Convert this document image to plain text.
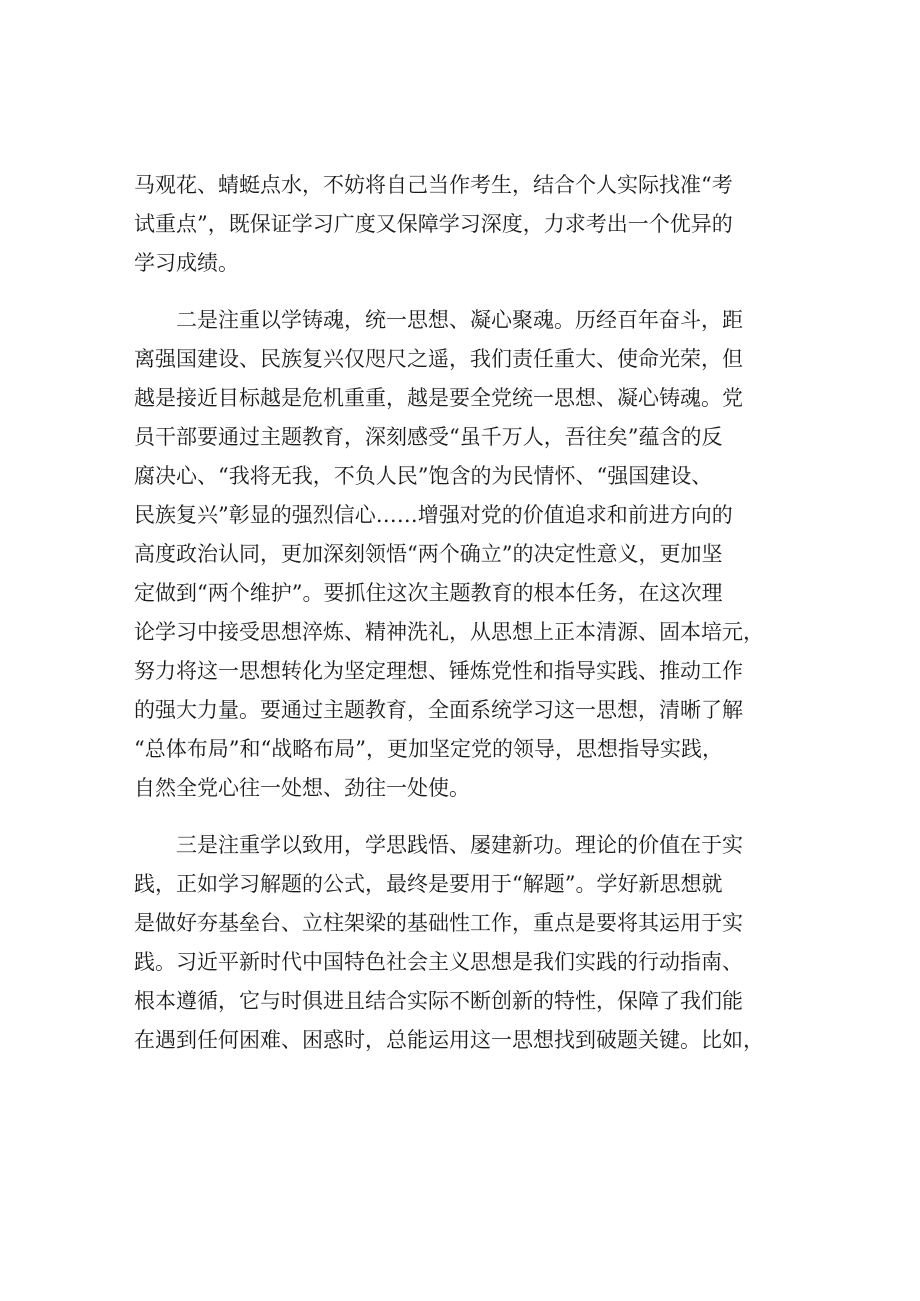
马观花、蜻蜓点水，不妨将自己当作考生，结合个人实际找准“考
试重点”，既保证学习广度又保障学习深度，力求考出一个优异的
学习成绩。
二是注重以学铸魂，统一思想、凝心聚魂。历经百年奋斗，距
离强国建设、民族复兴仅咫尺之遥，我们责任重大、使命光荣，但
越是接近目标越是危机重重，越是要全党统一思想、凝心铸魂。党
员干部要通过主题教育，深刻感受“虽千万人，吾往矣”蕴含的反
腐决心、“我将无我，不负人民”饱含的为民情怀、“强国建设、
民族复兴”彰显的强烈信心……增强对党的价值追求和前进方向的
高度政治认同，更加深刻领悟“两个确立”的决定性意义，更加坚
定做到“两个维护”。要抓住这次主题教育的根本任务，在这次理
论学习中接受思想淬炼、精神洗礼，从思想上正本清源、固本培元，
努力将这一思想转化为坚定理想、锤炼党性和指导实践、推动工作
的强大力量。要通过主题教育，全面系统学习这一思想，清晰了解
“总体布局”和“战略布局”，更加坚定党的领导，思想指导实践，
自然全党心往一处想、劲往一处使。
三是注重学以致用，学思践悟、屡建新功。理论的价值在于实
践，正如学习解题的公式，最终是要用于“解题”。学好新思想就
是做好夯基垒台、立柱架梁的基础性工作，重点是要将其运用于实
践。习近平新时代中国特色社会主义思想是我们实践的行动指南、
根本遵循，它与时俱进且结合实际不断创新的特性，保障了我们能
在遇到任何困难、困惑时，总能运用这一思想找到破题关键。比如，
